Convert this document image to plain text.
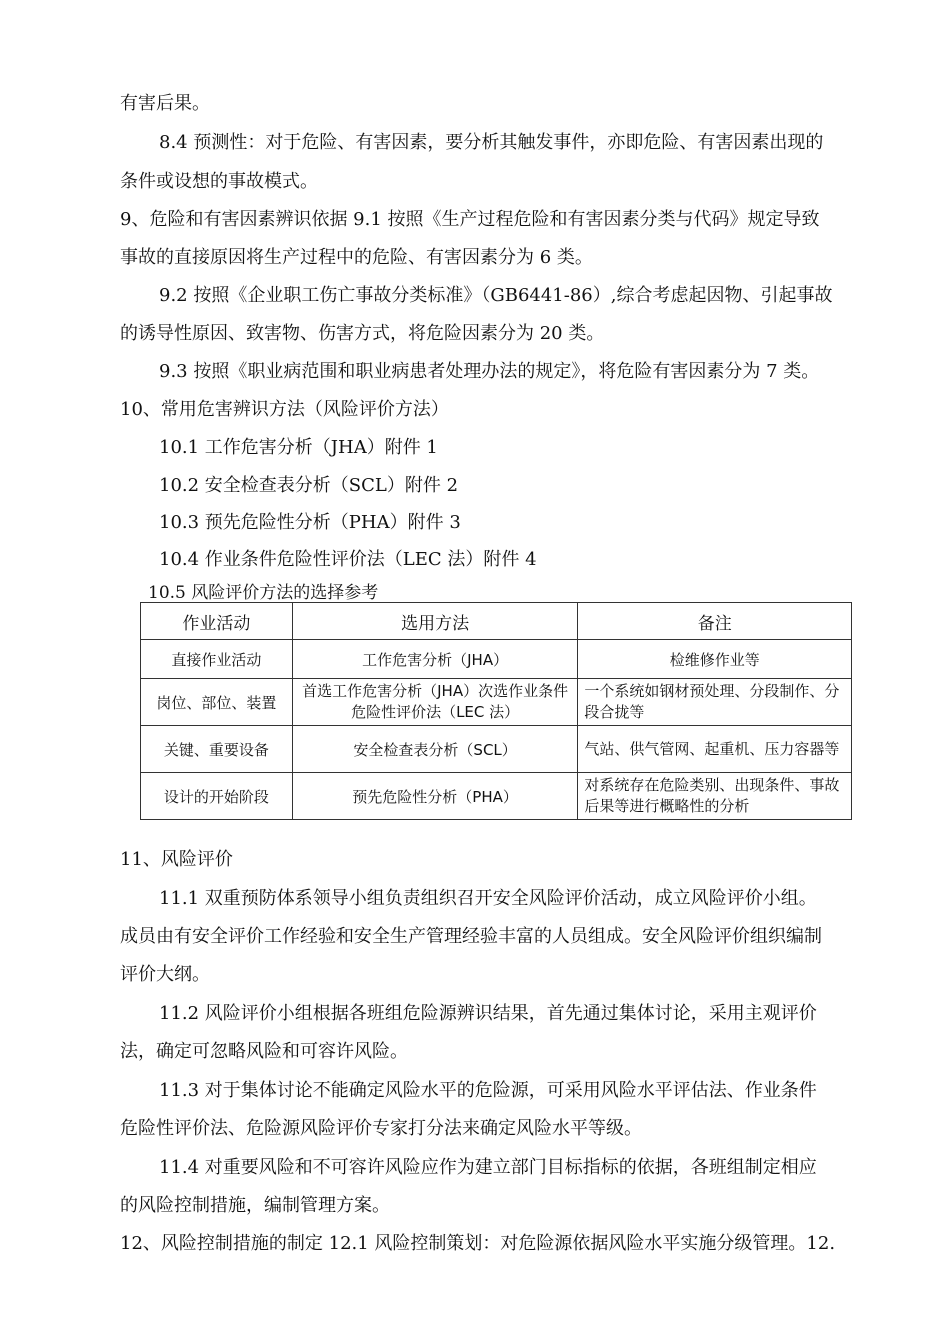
有害后果。
8.4 预测性：对于危险、有害因素，要分析其触发事件，亦即危险、有害因素出现的
条件或设想的事故模式。
9、危险和有害因素辨识依据 9.1 按照《生产过程危险和有害因素分类与代码》规定导致
事故的直接原因将生产过程中的危险、有害因素分为 6 类。
9.2 按照《企业职工伤亡事故分类标准》（GB6441-86）,综合考虑起因物、引起事故
的诱导性原因、致害物、伤害方式，将危险因素分为 20 类。
9.3 按照《职业病范围和职业病患者处理办法的规定》，将危险有害因素分为 7 类。
10、常用危害辨识方法（风险评价方法）
10.1 工作危害分析（JHA）附件 1
10.2 安全检查表分析（SCL）附件 2
10.3 预先危险性分析（PHA）附件 3
10.4 作业条件危险性评价法（LEC 法）附件 4
10.5 风险评价方法的选择参考
作业活动	选用方法	备注
直接作业活动	工作危害分析（JHA）	检维修作业等
岗位、部位、装置	首选工作危害分析（JHA）次选作业条件危险性评价法（LEC 法）	一个系统如钢材预处理、分段制作、分段合拢等
关键、重要设备	安全检查表分析（SCL）	气站、供气管网、起重机、压力容器等
设计的开始阶段	预先危险性分析（PHA）	对系统存在危险类别、出现条件、事故后果等进行概略性的分析
11、风险评价
11.1 双重预防体系领导小组负责组织召开安全风险评价活动，成立风险评价小组。
成员由有安全评价工作经验和安全生产管理经验丰富的人员组成。安全风险评价组织编制
评价大纲。
11.2 风险评价小组根据各班组危险源辨识结果，首先通过集体讨论，采用主观评价
法，确定可忽略风险和可容许风险。
11.3 对于集体讨论不能确定风险水平的危险源，可采用风险水平评估法、作业条件
危险性评价法、危险源风险评价专家打分法来确定风险水平等级。
11.4 对重要风险和不可容许风险应作为建立部门目标指标的依据，各班组制定相应
的风险控制措施，编制管理方案。
12、风险控制措施的制定 12.1 风险控制策划：对危险源依据风险水平实施分级管理。12.
